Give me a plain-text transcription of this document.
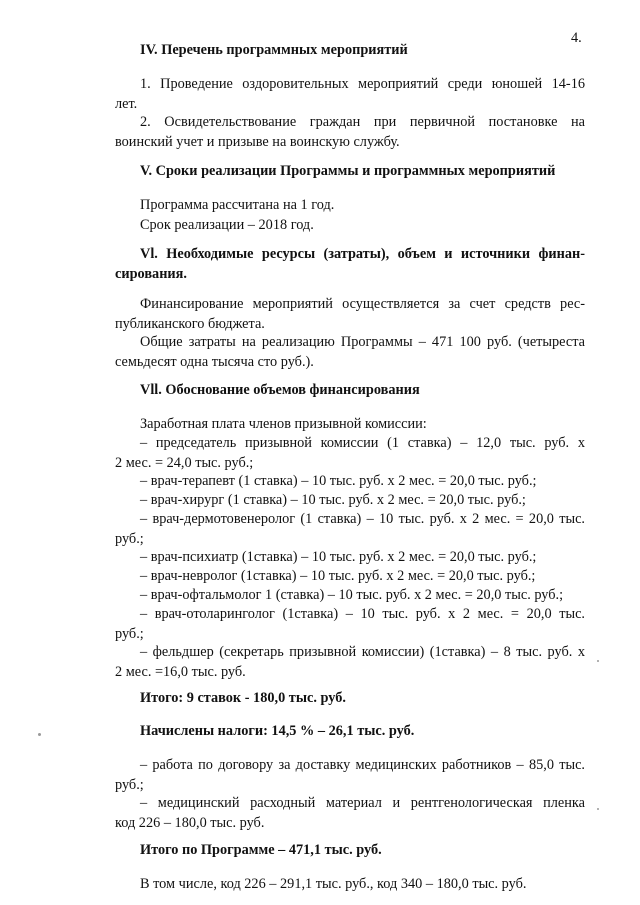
4.
IV. Перечень программных мероприятий
1. Проведение оздоровительных мероприятий среди юношей 14-16
лет.
2. Освидетельствование граждан при первичной постановке на
воинский учет и призыве на воинскую службу.
V. Сроки реализации Программы и программных мероприятий
Программа рассчитана на 1 год.
Срок реализации – 2018 год.
Vl. Необходимые ресурсы (затраты), объем и источники финан-
сирования.
Финансирование мероприятий осуществляется за счет средств рес-
публиканского бюджета.
Общие затраты на реализацию Программы – 471 100 руб. (четыреста
семьдесят одна тысяча сто руб.).
Vll. Обоснование объемов финансирования
Заработная плата членов призывной комиссии:
– председатель призывной комиссии (1 ставка) – 12,0 тыс. руб. х
2 мес. = 24,0 тыс. руб.;
– врач-терапевт (1 ставка) – 10 тыс. руб. х 2 мес. = 20,0 тыс. руб.;
– врач-хирург (1 ставка) – 10 тыс. руб. х 2 мес. = 20,0 тыс. руб.;
– врач-дермотовенеролог (1 ставка) – 10 тыс. руб. х 2 мес. = 20,0 тыс.
руб.;
– врач-психиатр (1ставка) – 10 тыс. руб. х 2 мес. = 20,0 тыс. руб.;
– врач-невролог (1ставка) – 10 тыс. руб. х 2 мес. = 20,0 тыс. руб.;
– врач-офтальмолог 1 (ставка) – 10 тыс. руб. х 2 мес. = 20,0 тыс. руб.;
– врач-отоларинголог (1ставка) – 10 тыс. руб. х 2 мес. = 20,0 тыс.
руб.;
– фельдшер (секретарь призывной комиссии) (1ставка) – 8 тыс. руб. х
2 мес. =16,0 тыс. руб.
Итого: 9 ставок - 180,0 тыс. руб.
Начислены налоги: 14,5 % – 26,1 тыс. руб.
– работа по договору за доставку медицинских работников – 85,0 тыс.
руб.;
– медицинский расходный материал и рентгенологическая пленка
код 226 – 180,0 тыс. руб.
Итого по Программе – 471,1 тыс. руб.
В том числе, код 226 – 291,1 тыс. руб., код 340 – 180,0 тыс. руб.
